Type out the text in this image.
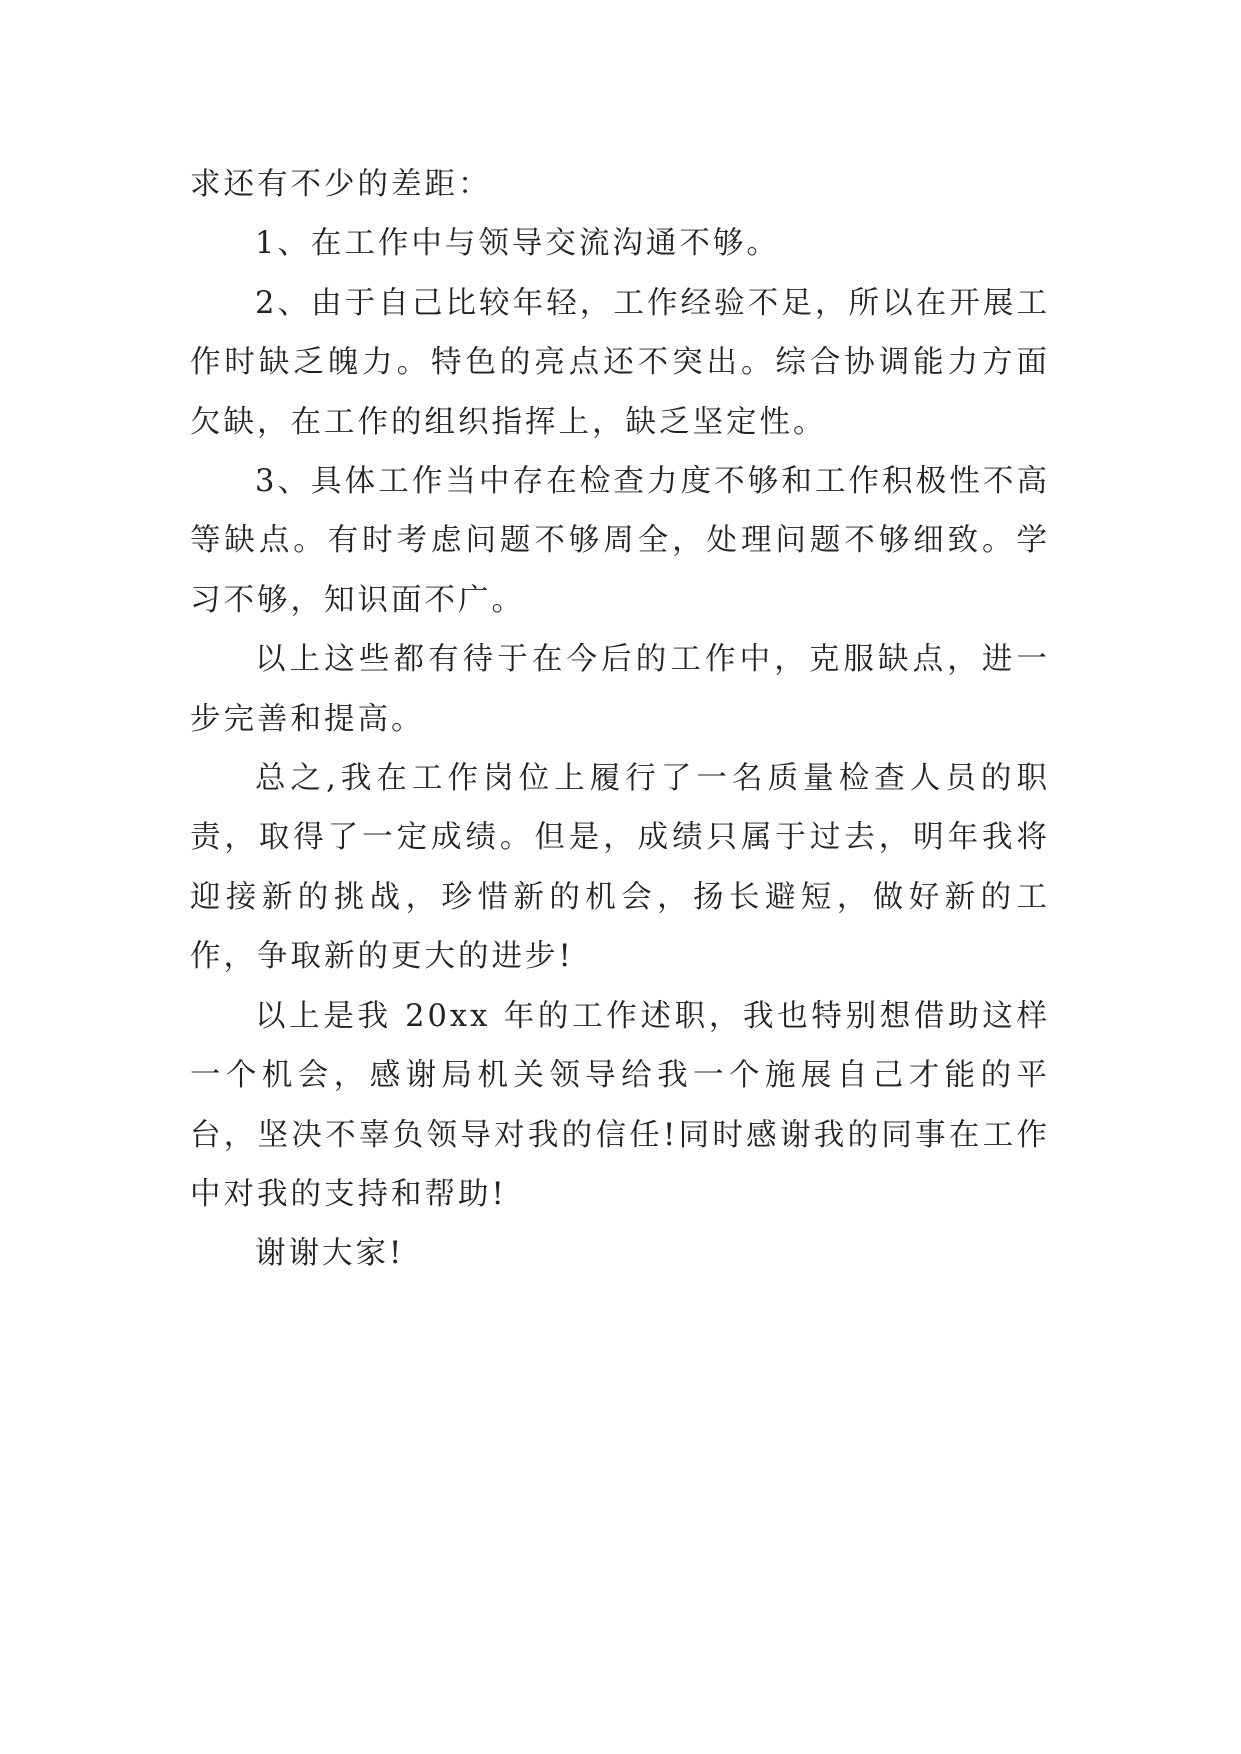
求还有不少的差距：

1、在工作中与领导交流沟通不够。

2、由于自己比较年轻，工作经验不足，所以在开展工作时缺乏魄力。特色的亮点还不突出。综合协调能力方面欠缺，在工作的组织指挥上，缺乏坚定性。

3、具体工作当中存在检查力度不够和工作积极性不高等缺点。有时考虑问题不够周全，处理问题不够细致。学习不够，知识面不广。

以上这些都有待于在今后的工作中，克服缺点，进一步完善和提高。

总之,我在工作岗位上履行了一名质量检查人员的职责，取得了一定成绩。但是，成绩只属于过去，明年我将迎接新的挑战，珍惜新的机会，扬长避短，做好新的工作，争取新的更大的进步!

以上是我 20xx 年的工作述职，我也特别想借助这样一个机会，感谢局机关领导给我一个施展自己才能的平台，坚决不辜负领导对我的信任!同时感谢我的同事在工作中对我的支持和帮助!

谢谢大家!
